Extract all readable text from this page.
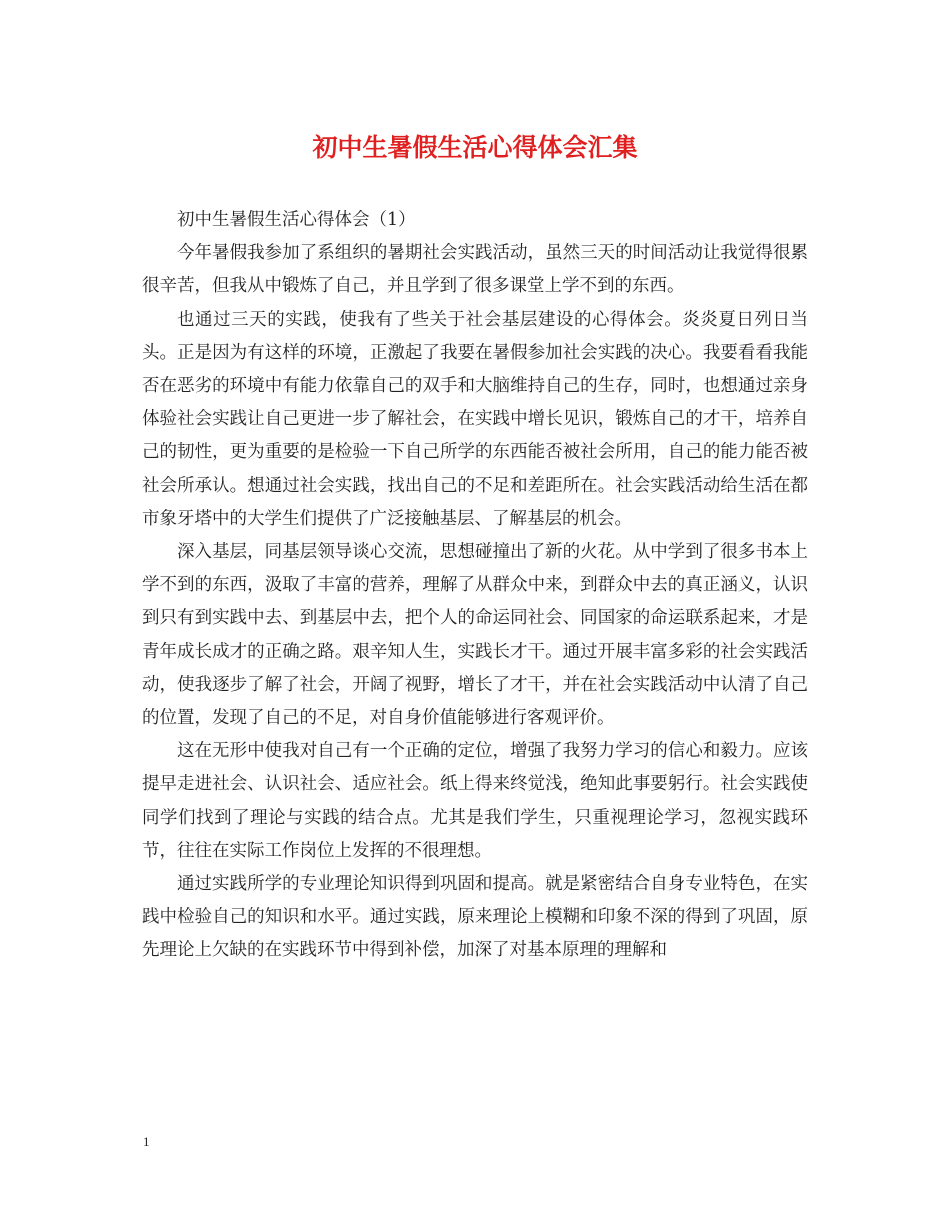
初中生暑假生活心得体会汇集

初中生暑假生活心得体会（1）

今年暑假我参加了系组织的暑期社会实践活动，虽然三天的时间活动让我觉得很累很辛苦，但我从中锻炼了自己，并且学到了很多课堂上学不到的东西。

也通过三天的实践，使我有了些关于社会基层建设的心得体会。炎炎夏日列日当头。正是因为有这样的环境，正激起了我要在暑假参加社会实践的决心。我要看看我能否在恶劣的环境中有能力依靠自己的双手和大脑维持自己的生存，同时，也想通过亲身体验社会实践让自己更进一步了解社会，在实践中增长见识，锻炼自己的才干，培养自己的韧性，更为重要的是检验一下自己所学的东西能否被社会所用，自己的能力能否被社会所承认。想通过社会实践，找出自己的不足和差距所在。社会实践活动给生活在都市象牙塔中的大学生们提供了广泛接触基层、了解基层的机会。

深入基层，同基层领导谈心交流，思想碰撞出了新的火花。从中学到了很多书本上学不到的东西，汲取了丰富的营养，理解了从群众中来，到群众中去的真正涵义，认识到只有到实践中去、到基层中去，把个人的命运同社会、同国家的命运联系起来，才是青年成长成才的正确之路。艰辛知人生，实践长才干。通过开展丰富多彩的社会实践活动，使我逐步了解了社会，开阔了视野，增长了才干，并在社会实践活动中认清了自己的位置，发现了自己的不足，对自身价值能够进行客观评价。

这在无形中使我对自己有一个正确的定位，增强了我努力学习的信心和毅力。应该提早走进社会、认识社会、适应社会。纸上得来终觉浅，绝知此事要躬行。社会实践使同学们找到了理论与实践的结合点。尤其是我们学生，只重视理论学习，忽视实践环节，往往在实际工作岗位上发挥的不很理想。

通过实践所学的专业理论知识得到巩固和提高。就是紧密结合自身专业特色，在实践中检验自己的知识和水平。通过实践，原来理论上模糊和印象不深的得到了巩固，原先理论上欠缺的在实践环节中得到补偿，加深了对基本原理的理解和

1
